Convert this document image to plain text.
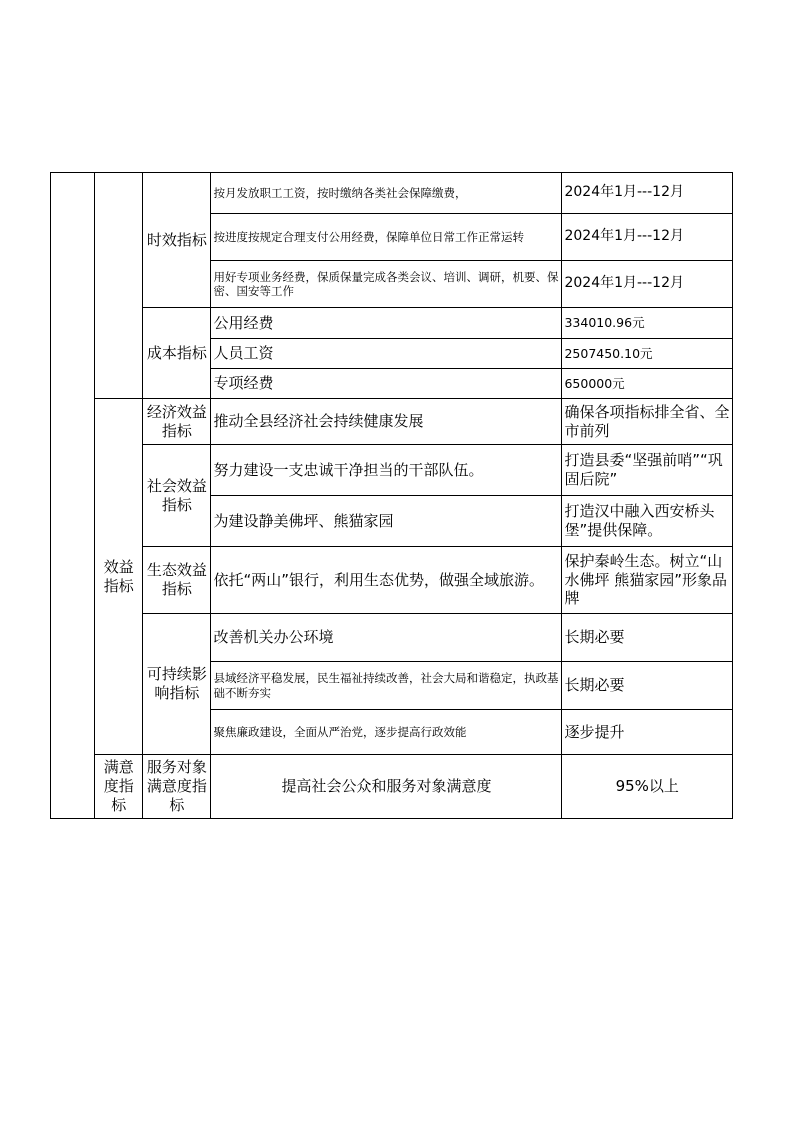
		时效指标	按月发放职工工资，按时缴纳各类社会保障缴费，	2024年1月---12月
			按进度按规定合理支付公用经费，保障单位日常工作正常运转	2024年1月---12月
			用好专项业务经费，保质保量完成各类会议、培训、调研，机要、保密、国安等工作	2024年1月---12月
		成本指标	公用经费	334010.96元
			人员工资	2507450.10元
			专项经费	650000元
	效益指标	经济效益指标	推动全县经济社会持续健康发展	确保各项指标排全省、全市前列
		社会效益指标	努力建设一支忠诚干净担当的干部队伍。	打造县委“坚强前哨”“巩固后院”
			为建设静美佛坪、熊猫家园	打造汉中融入西安桥头堡”提供保障。
		生态效益指标	依托“两山”银行，利用生态优势，做强全域旅游。	保护秦岭生态。树立“山水佛坪 熊猫家园”形象品牌
		可持续影响指标	改善机关办公环境	长期必要
			县域经济平稳发展，民生福祉持续改善，社会大局和谐稳定，执政基础不断夯实	长期必要
			聚焦廉政建设，全面从严治党，逐步提高行政效能	逐步提升
	满意度指标	服务对象满意度指标	提高社会公众和服务对象满意度	95%以上
